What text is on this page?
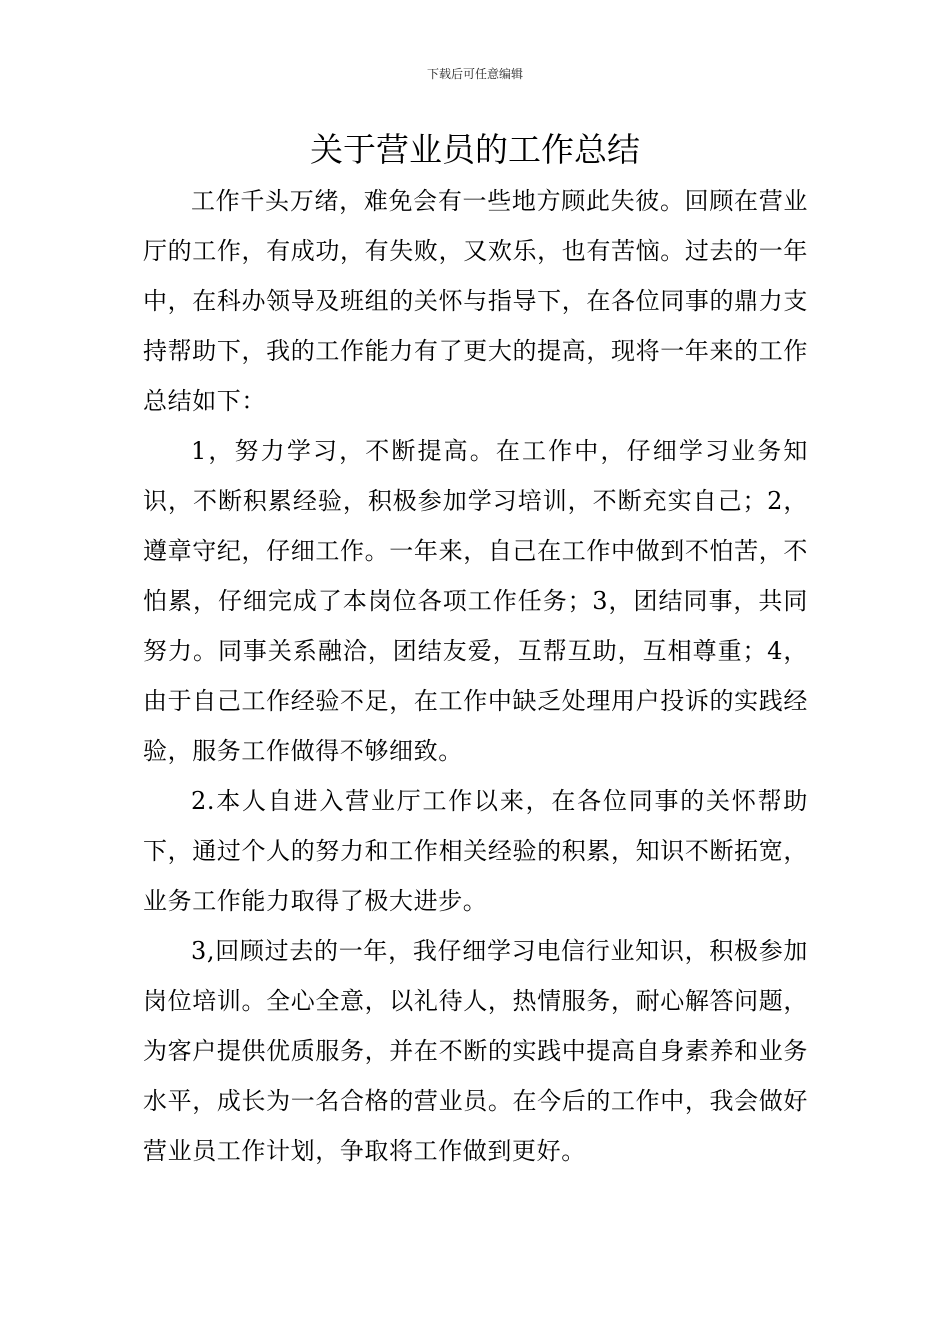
下载后可任意编辑
关于营业员的工作总结

工作千头万绪，难免会有一些地方顾此失彼。回顾在营业厅的工作，有成功，有失败，又欢乐，也有苦恼。过去的一年中，在科办领导及班组的关怀与指导下，在各位同事的鼎力支持帮助下，我的工作能力有了更大的提高，现将一年来的工作总结如下：

1，努力学习，不断提高。在工作中，仔细学习业务知识，不断积累经验，积极参加学习培训，不断充实自己；2，遵章守纪，仔细工作。一年来，自己在工作中做到不怕苦，不怕累，仔细完成了本岗位各项工作任务；3，团结同事，共同努力。同事关系融洽，团结友爱，互帮互助，互相尊重；4，由于自己工作经验不足，在工作中缺乏处理用户投诉的实践经验，服务工作做得不够细致。

2.本人自进入营业厅工作以来，在各位同事的关怀帮助下，通过个人的努力和工作相关经验的积累，知识不断拓宽，业务工作能力取得了极大进步。

3,回顾过去的一年，我仔细学习电信行业知识，积极参加岗位培训。全心全意，以礼待人，热情服务，耐心解答问题，为客户提供优质服务，并在不断的实践中提高自身素养和业务水平，成长为一名合格的营业员。在今后的工作中，我会做好营业员工作计划，争取将工作做到更好。
